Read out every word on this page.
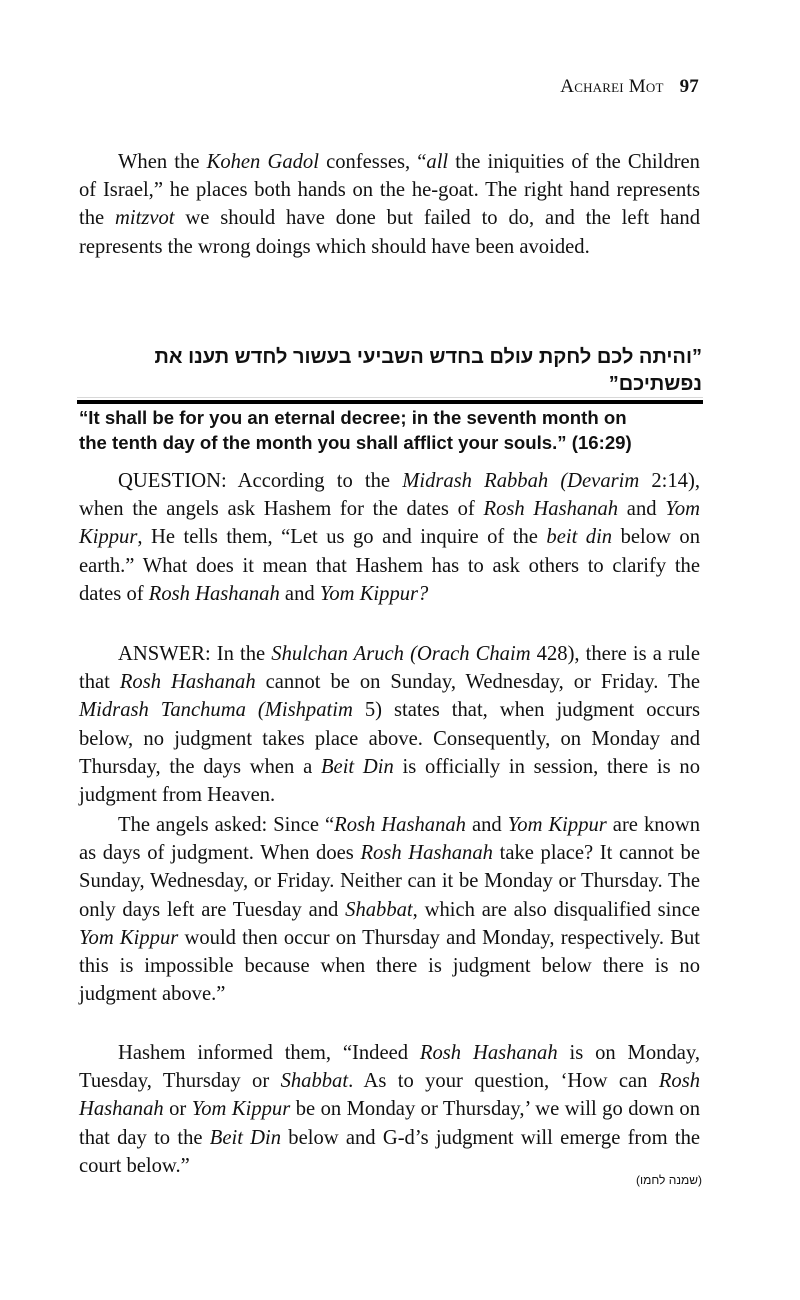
Acharei Mot 97

When the Kohen Gadol confesses, “all the iniquities of the Children of Israel,” he places both hands on the he-goat. The right hand represents the mitzvot we should have done but failed to do, and the left hand represents the wrong doings which should have been avoided.

”והיתה לכם לחקת עולם בחדש השביעי בעשור לחדש תענו את נפשתיכם”
“It shall be for you an eternal decree; in the seventh month on
the tenth day of the month you shall afflict your souls.” (16:29)

QUESTION: According to the Midrash Rabbah (Devarim 2:14), when the angels ask Hashem for the dates of Rosh Hashanah and Yom Kippur, He tells them, “Let us go and inquire of the beit din below on earth.” What does it mean that Hashem has to ask others to clarify the dates of Rosh Hashanah and Yom Kippur?

ANSWER: In the Shulchan Aruch (Orach Chaim 428), there is a rule that Rosh Hashanah cannot be on Sunday, Wednesday, or Friday. The Midrash Tanchuma (Mishpatim 5) states that, when judgment occurs below, no judgment takes place above. Consequently, on Monday and Thursday, the days when a Beit Din is officially in session, there is no judgment from Heaven.

The angels asked: Since “Rosh Hashanah and Yom Kippur are known as days of judgment. When does Rosh Hashanah take place? It cannot be Sunday, Wednesday, or Friday. Neither can it be Monday or Thursday. The only days left are Tuesday and Shabbat, which are also disqualified since Yom Kippur would then occur on Thursday and Monday, respectively. But this is impossible because when there is judgment below there is no judgment above.”

Hashem informed them, “Indeed Rosh Hashanah is on Monday, Tuesday, Thursday or Shabbat. As to your question, ‘How can Rosh Hashanah or Yom Kippur be on Monday or Thursday,’ we will go down on that day to the Beit Din below and G-d’s judgment will emerge from the court below.”

(שמנה לחמו)
